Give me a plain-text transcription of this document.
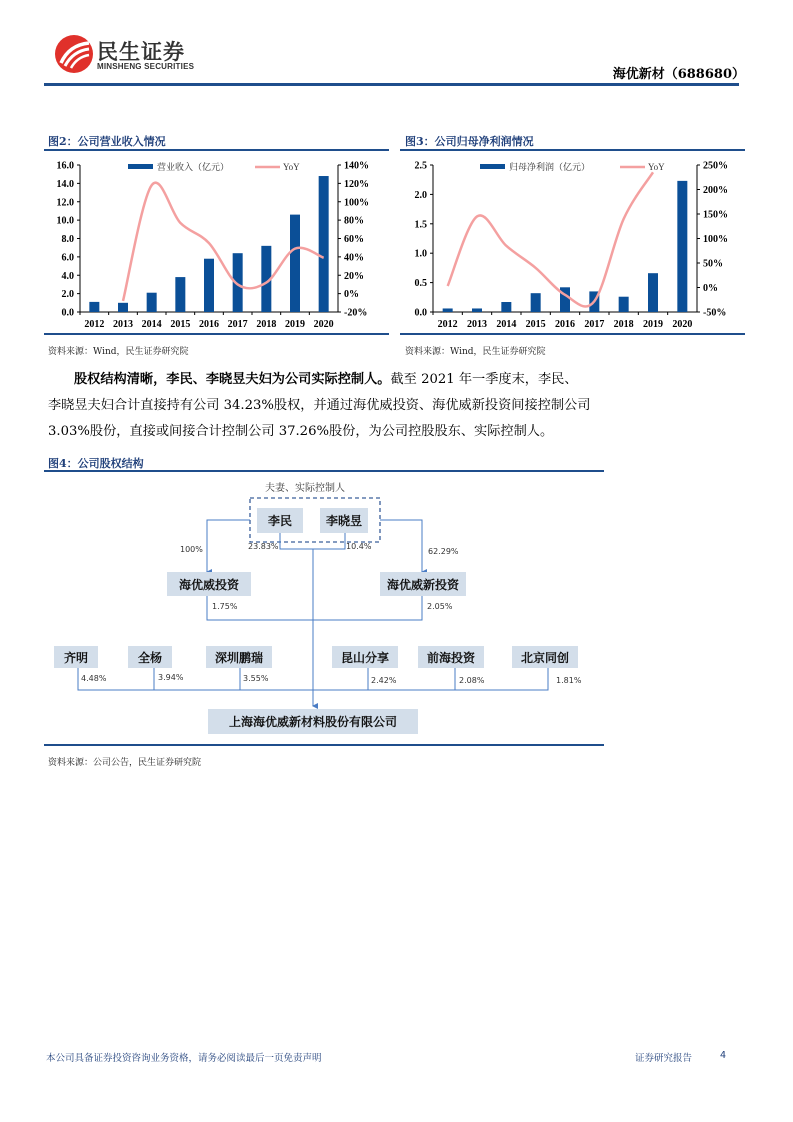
民生证券
MINSHENG SECURITIES
海优新材（688680）
图2：公司营业收入情况
0.0
2.0
4.0
6.0
8.0
10.0
12.0
14.0
16.0
-20%
0%
20%
40%
60%
80%
100%
120%
140%
2012 2013 2014 2015 2016 2017 2018 2019 2020
营业收入（亿元）	YoY
资料来源：Wind，民生证券研究院
图3：公司归母净利润情况
0.0
0.5
1.0
1.5
2.0
2.5
-50%
0%
50%
100%
150%
200%
250%
2012 2013 2014 2015 2016 2017 2018 2019 2020
归母净利润（亿元）	YoY
资料来源：Wind，民生证券研究院
股权结构清晰，李民、李晓昱夫妇为公司实际控制人。截至 2021 年一季度末，李民、
李晓昱夫妇合计直接持有公司 34.23%股权，并通过海优威投资、海优威新投资间接控制公司
3.03%股份，直接或间接合计控制公司 37.26%股份，为公司控股股东、实际控制人。
图4：公司股权结构
夫妻、实际控制人
李民	李晓昱
23.83%	10.4%
100%	62.29%
海优威投资	海优威新投资
1.75%	2.05%
齐明	全杨	深圳鹏瑞	昆山分享	前海投资	北京同创
4.48%	3.94%	3.55%	2.42%	2.08%	1.81%
上海海优威新材料股份有限公司
资料来源：公司公告，民生证券研究院
本公司具备证券投资咨询业务资格，请务必阅读最后一页免责声明	证券研究报告	4
